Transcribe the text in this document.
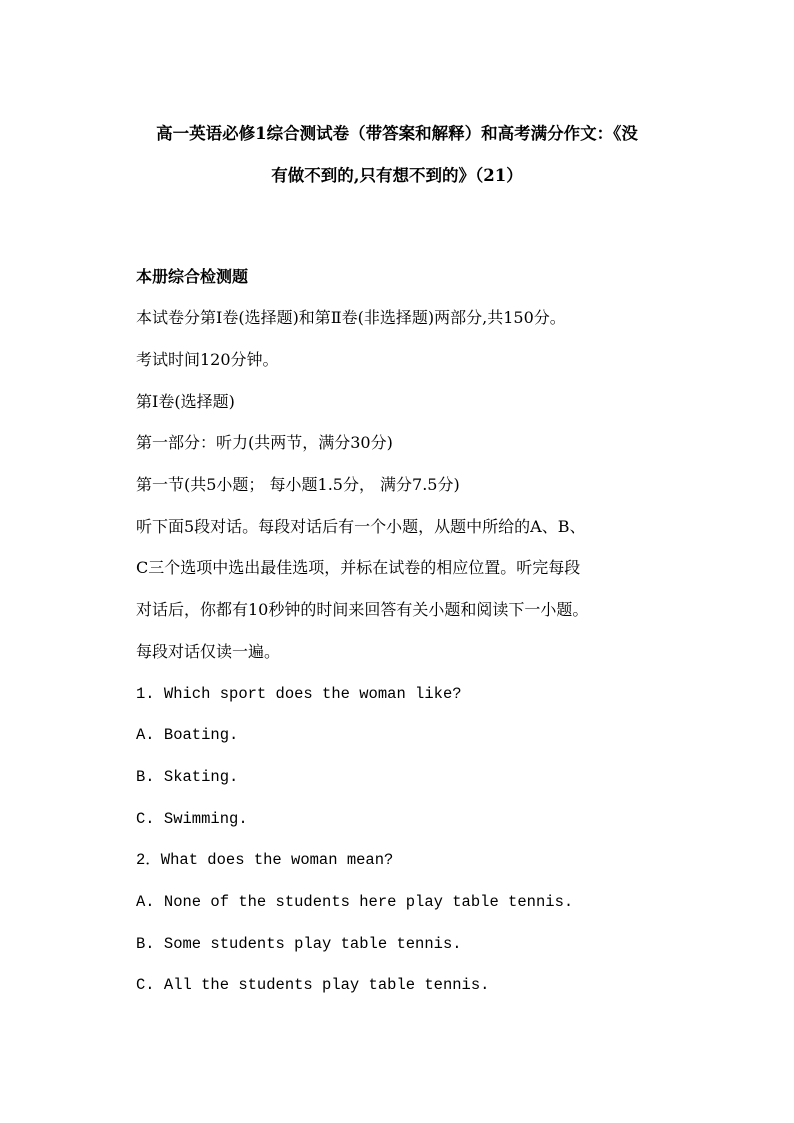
高一英语必修1综合测试卷（带答案和解释）和高考满分作文：《没
有做不到的,只有想不到的》（21）
本册综合检测题
本试卷分第Ⅰ卷(选择题)和第Ⅱ卷(非选择题)两部分,共150分。
考试时间120分钟。
第Ⅰ卷(选择题)
第一部分：听力(共两节，满分30分)
第一节(共5小题； 每小题1.5分， 满分7.5分)
听下面5段对话。每段对话后有一个小题，从题中所给的A、B、
C三个选项中选出最佳选项，并标在试卷的相应位置。听完每段
对话后，你都有10秒钟的时间来回答有关小题和阅读下一小题。
每段对话仅读一遍。
1. Which sport does the woman like?
A. Boating.
B. Skating.
C. Swimming.
2．What does the woman mean?
A. None of the students here play table tennis.
B. Some students play table tennis.
C. All the students play table tennis.
